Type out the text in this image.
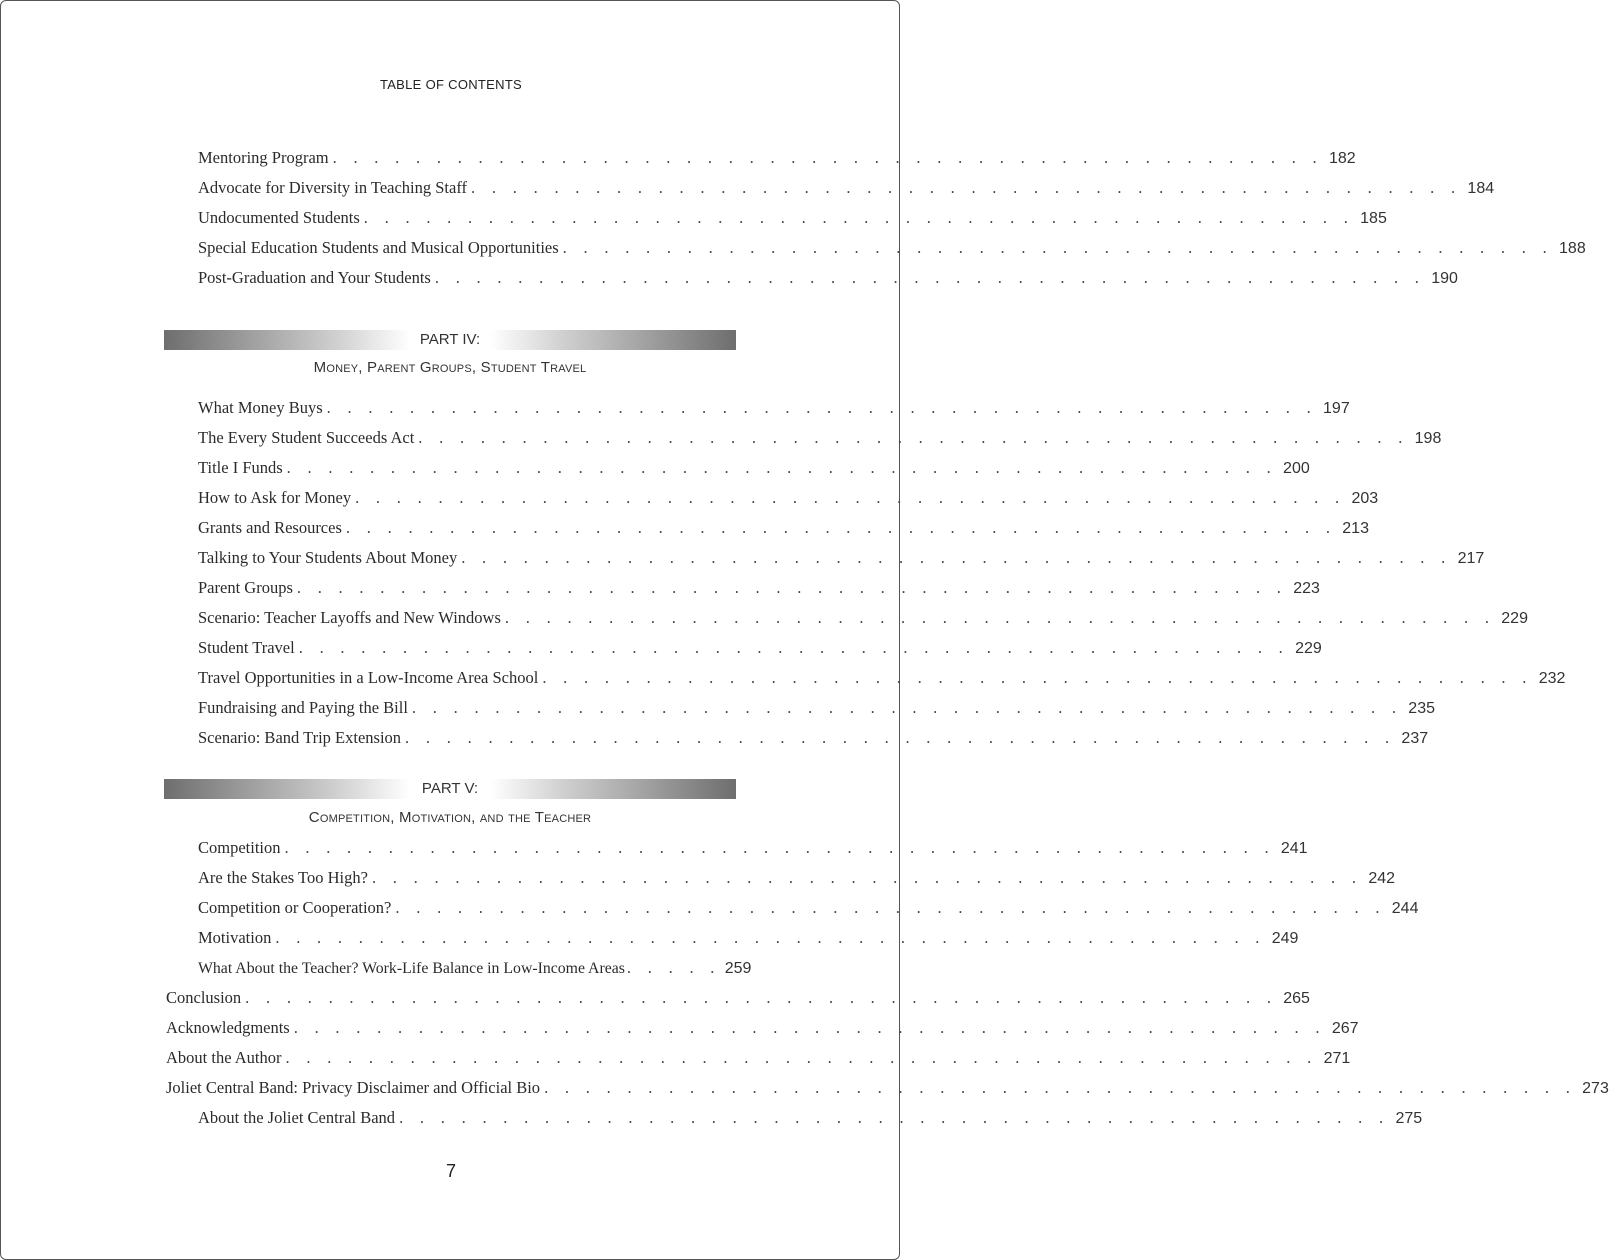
TABLE OF CONTENTS
Mentoring Program . . . . . . . . . . . . . . . . . . . . . . . . . . . . . . . . . . . . . . . . . . . . . . . . 182
Advocate for Diversity in Teaching Staff . . . . . . . . . . . . . . . . . . . . . . . . . . . . . . . . . . . . . . . . . . . . . . . . 184
Undocumented Students . . . . . . . . . . . . . . . . . . . . . . . . . . . . . . . . . . . . . . . . . . . . . . . . 185
Special Education Students and Musical Opportunities . . . . . . . . . . . . . . . . . . . . . . . . . . . . . . . . . . . . . . . . . . . . . . . . 188
Post-Graduation and Your Students . . . . . . . . . . . . . . . . . . . . . . . . . . . . . . . . . . . . . . . . . . . . . . . . 190
PART IV:
Money, Parent Groups, Student Travel
What Money Buys . . . . . . . . . . . . . . . . . . . . . . . . . . . . . . . . . . . . . . . . . . . . . . . . 197
The Every Student Succeeds Act . . . . . . . . . . . . . . . . . . . . . . . . . . . . . . . . . . . . . . . . . . . . . . . . 198
Title I Funds . . . . . . . . . . . . . . . . . . . . . . . . . . . . . . . . . . . . . . . . . . . . . . . . 200
How to Ask for Money . . . . . . . . . . . . . . . . . . . . . . . . . . . . . . . . . . . . . . . . . . . . . . . . 203
Grants and Resources . . . . . . . . . . . . . . . . . . . . . . . . . . . . . . . . . . . . . . . . . . . . . . . . 213
Talking to Your Students About Money . . . . . . . . . . . . . . . . . . . . . . . . . . . . . . . . . . . . . . . . . . . . . . . . 217
Parent Groups . . . . . . . . . . . . . . . . . . . . . . . . . . . . . . . . . . . . . . . . . . . . . . . . 223
Scenario: Teacher Layoffs and New Windows . . . . . . . . . . . . . . . . . . . . . . . . . . . . . . . . . . . . . . . . . . . . . . . . 229
Student Travel . . . . . . . . . . . . . . . . . . . . . . . . . . . . . . . . . . . . . . . . . . . . . . . . 229
Travel Opportunities in a Low-Income Area School . . . . . . . . . . . . . . . . . . . . . . . . . . . . . . . . . . . . . . . . . . . . . . . . 232
Fundraising and Paying the Bill . . . . . . . . . . . . . . . . . . . . . . . . . . . . . . . . . . . . . . . . . . . . . . . . 235
Scenario: Band Trip Extension . . . . . . . . . . . . . . . . . . . . . . . . . . . . . . . . . . . . . . . . . . . . . . . . 237
PART V:
Competition, Motivation, and the Teacher
Competition . . . . . . . . . . . . . . . . . . . . . . . . . . . . . . . . . . . . . . . . . . . . . . . . 241
Are the Stakes Too High? . . . . . . . . . . . . . . . . . . . . . . . . . . . . . . . . . . . . . . . . . . . . . . . . 242
Competition or Cooperation? . . . . . . . . . . . . . . . . . . . . . . . . . . . . . . . . . . . . . . . . . . . . . . . . 244
Motivation . . . . . . . . . . . . . . . . . . . . . . . . . . . . . . . . . . . . . . . . . . . . . . . . 249
What About the Teacher? Work-Life Balance in Low-Income Areas . . . . . 259
Conclusion . . . . . . . . . . . . . . . . . . . . . . . . . . . . . . . . . . . . . . . . . . . . . . . . . . 265
Acknowledgments . . . . . . . . . . . . . . . . . . . . . . . . . . . . . . . . . . . . . . . . . . . . . . . . . . 267
About the Author . . . . . . . . . . . . . . . . . . . . . . . . . . . . . . . . . . . . . . . . . . . . . . . . . . 271
Joliet Central Band: Privacy Disclaimer and Official Bio . . . . . . . . . . . . . . . . . . . . . . . . . . . . . . . . . . . . . . . . . . . . . . . . . . 273
About the Joliet Central Band . . . . . . . . . . . . . . . . . . . . . . . . . . . . . . . . . . . . . . . . . . . . . . . . 275
7
